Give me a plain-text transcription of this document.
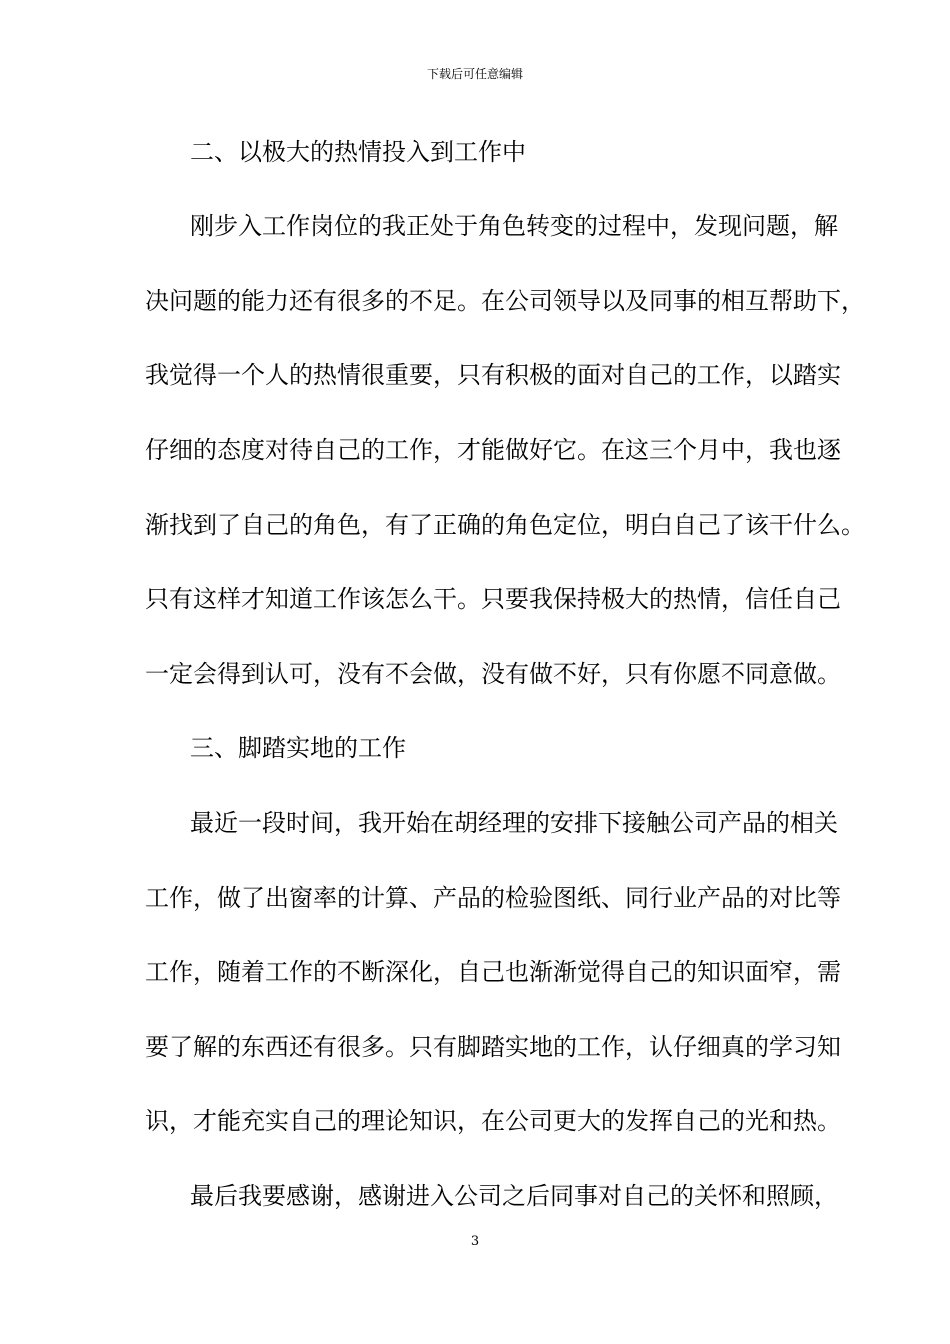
下载后可任意编辑
二、以极大的热情投入到工作中
刚步入工作岗位的我正处于角色转变的过程中，发现问题，解
决问题的能力还有很多的不足。在公司领导以及同事的相互帮助下，
我觉得一个人的热情很重要，只有积极的面对自己的工作，以踏实
仔细的态度对待自己的工作，才能做好它。在这三个月中，我也逐
渐找到了自己的角色，有了正确的角色定位，明白自己了该干什么。
只有这样才知道工作该怎么干。只要我保持极大的热情，信任自己
一定会得到认可，没有不会做，没有做不好，只有你愿不同意做。
三、脚踏实地的工作
最近一段时间，我开始在胡经理的安排下接触公司产品的相关
工作，做了出窗率的计算、产品的检验图纸、同行业产品的对比等
工作，随着工作的不断深化，自己也渐渐觉得自己的知识面窄，需
要了解的东西还有很多。只有脚踏实地的工作，认仔细真的学习知
识，才能充实自己的理论知识，在公司更大的发挥自己的光和热。
最后我要感谢，感谢进入公司之后同事对自己的关怀和照顾，
3
